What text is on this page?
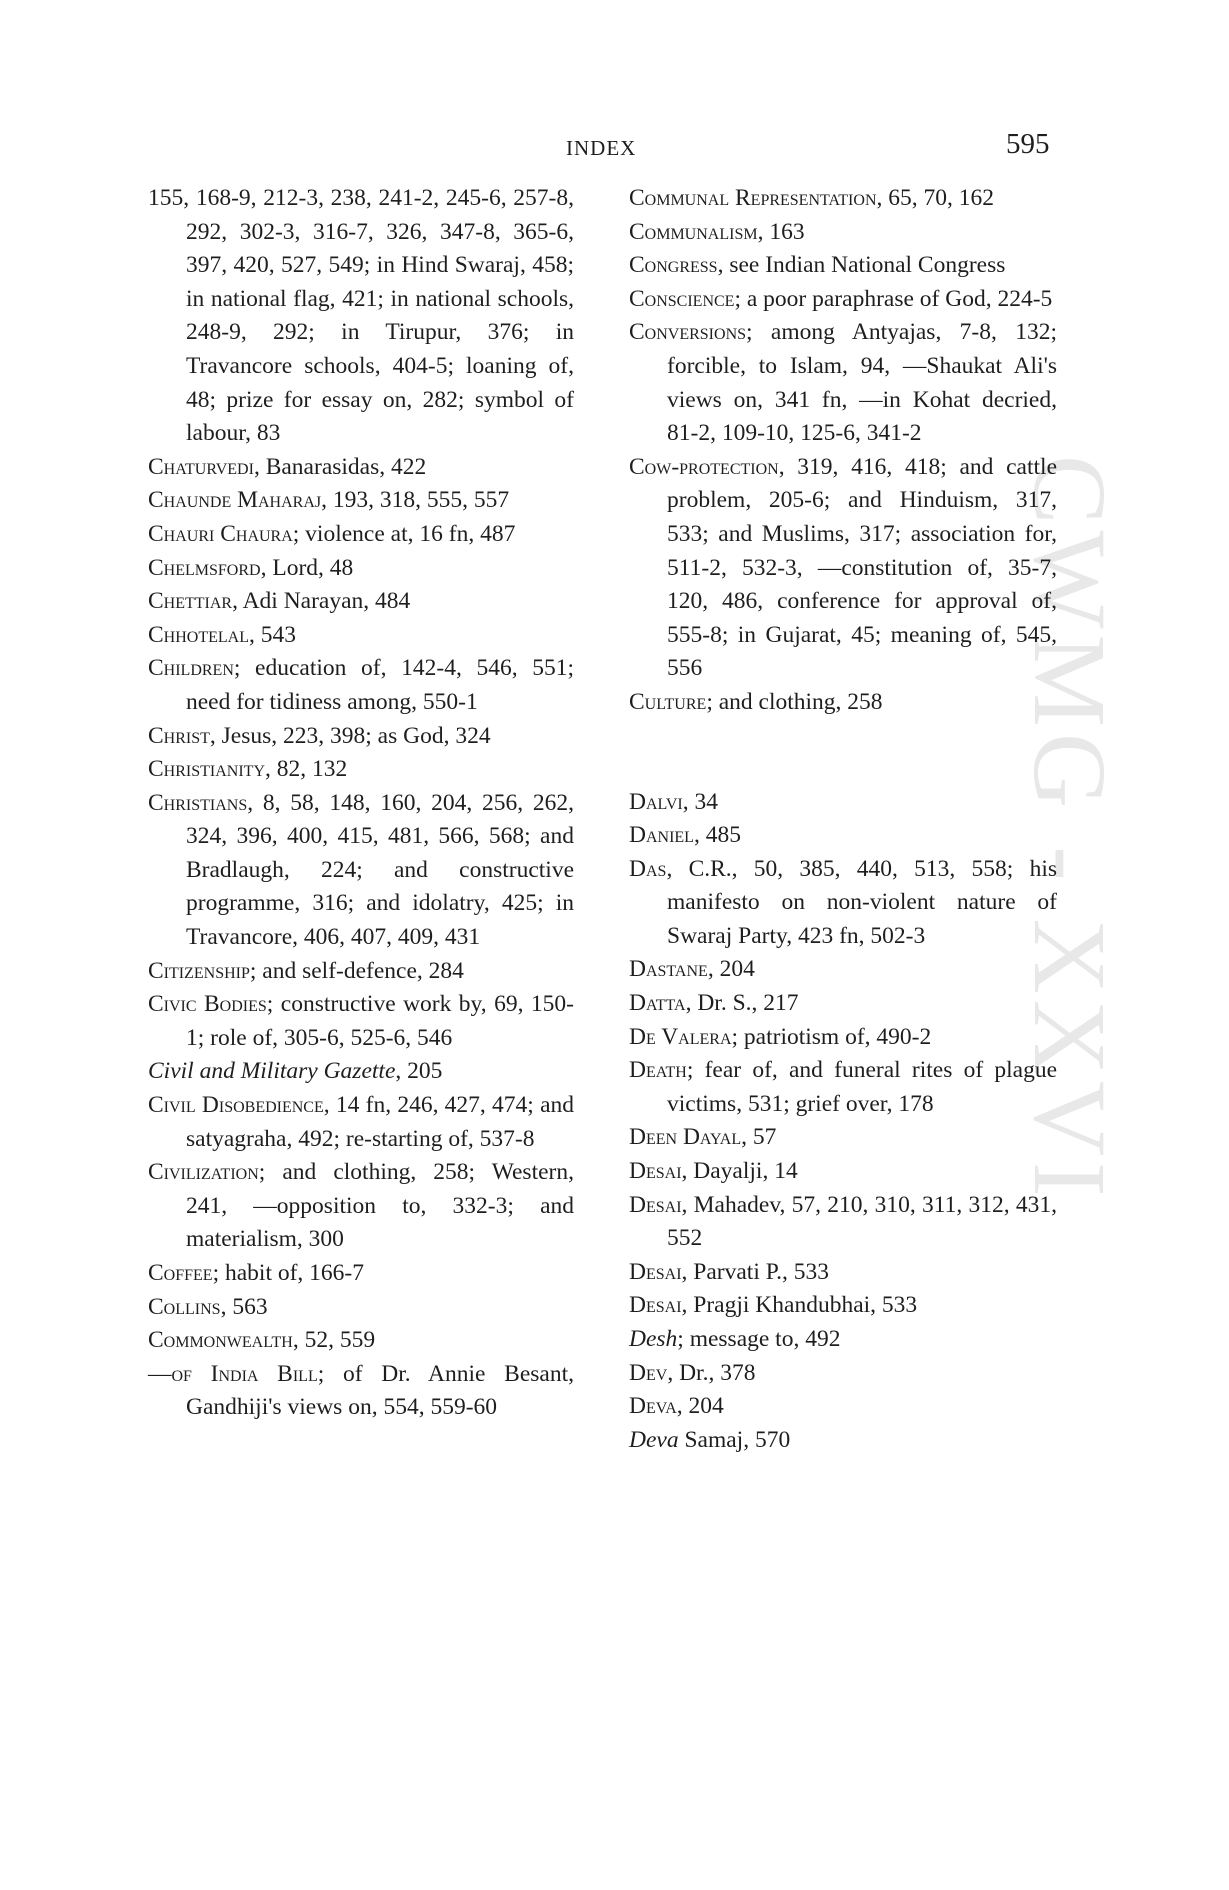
INDEX	595
CWMG - XXVI

155, 168-9, 212-3, 238, 241-2, 245-6, 257-8, 292, 302-3, 316-7, 326, 347-8, 365-6, 397, 420, 527, 549; in Hind Swaraj, 458; in national flag, 421; in national schools, 248-9, 292; in Tirupur, 376; in Travancore schools, 404-5; loaning of, 48; prize for essay on, 282; symbol of labour, 83

Chaturvedi, Banarasidas, 422

Chaunde Maharaj, 193, 318, 555, 557

Chauri Chaura; violence at, 16 fn, 487

Chelmsford, Lord, 48

Chettiar, Adi Narayan, 484

Chhotelal, 543

Children; education of, 142-4, 546, 551; need for tidiness among, 550-1

Christ, Jesus, 223, 398; as God, 324

Christianity, 82, 132

Christians, 8, 58, 148, 160, 204, 256, 262, 324, 396, 400, 415, 481, 566, 568; and Bradlaugh, 224; and constructive programme, 316; and idolatry, 425; in Travancore, 406, 407, 409, 431

Citizenship; and self-defence, 284

Civic Bodies; constructive work by, 69, 150-1; role of, 305-6, 525-6, 546

Civil and Military Gazette, 205

Civil Disobedience, 14 fn, 246, 427, 474; and satyagraha, 492; re-starting of, 537-8

Civilization; and clothing, 258; Western, 241, —opposition to, 332-3; and materialism, 300

Coffee; habit of, 166-7

Collins, 563

Commonwealth, 52, 559

—of India Bill; of Dr. Annie Besant, Gandhiji's views on, 554, 559-60

Communal Representation, 65, 70, 162

Communalism, 163

Congress, see Indian National Congress

Conscience; a poor paraphrase of God, 224-5

Conversions; among Antyajas, 7-8, 132; forcible, to Islam, 94, —Shaukat Ali's views on, 341 fn, —in Kohat decried, 81-2, 109-10, 125-6, 341-2

Cow-protection, 319, 416, 418; and cattle problem, 205-6; and Hinduism, 317, 533; and Muslims, 317; association for, 511-2, 532-3, —constitution of, 35-7, 120, 486, conference for approval of, 555-8; in Gujarat, 45; meaning of, 545, 556

Culture; and clothing, 258

Dalvi, 34

Daniel, 485

Das, C.R., 50, 385, 440, 513, 558; his manifesto on non-violent nature of Swaraj Party, 423 fn, 502-3

Dastane, 204

Datta, Dr. S., 217

De Valera; patriotism of, 490-2

Death; fear of, and funeral rites of plague victims, 531; grief over, 178

Deen Dayal, 57

Desai, Dayalji, 14

Desai, Mahadev, 57, 210, 310, 311, 312, 431, 552

Desai, Parvati P., 533

Desai, Pragji Khandubhai, 533

Desh; message to, 492

Dev, Dr., 378

Deva, 204

Deva Samaj, 570
